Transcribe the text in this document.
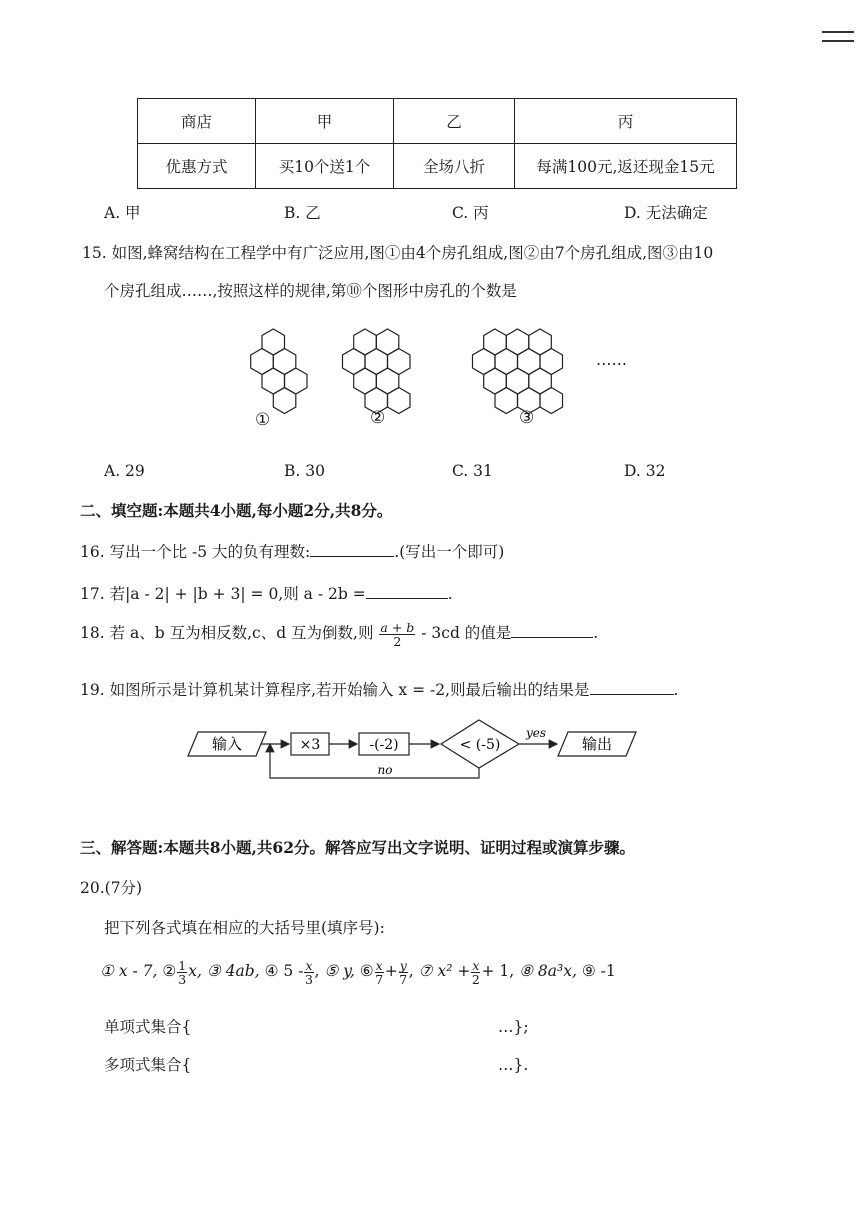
商店	甲	乙	丙
优惠方式	买10个送1个	全场八折	每满100元,返还现金15元
A. 甲	B. 乙	C. 丙	D. 无法确定
15. 如图,蜂窝结构在工程学中有广泛应用,图①由4个房孔组成,图②由7个房孔组成,图③由10
个房孔组成……,按照这样的规律,第⑩个图形中房孔的个数是
①	②	③
……
A. 29	B. 30	C. 31	D. 32
二、填空题:本题共4小题,每小题2分,共8分。
16. 写出一个比 -5 大的负有理数:	.(写出一个即可)
17. 若|a - 2| + |b + 3| = 0,则 a - 2b =	.
18. 若 a、b 互为相反数,c、d 互为倒数,则 $\frac{a + b}{2} - 3cd$ 的值是	.
19. 如图所示是计算机某计算程序,若开始输入 x = -2,则最后输出的结果是	.
输入	×3	-(-2)	< (-5)
yes
输出
no
三、解答题:本题共8小题,共62分。解答应写出文字说明、证明过程或演算步骤。
20.(7分)
把下列各式填在相应的大括号里(填序号):
① x - 7, ② $\frac{1}{3} x$, ③ 4ab, ④ $5 - \frac{x}{3}$ , ⑤ y, ⑥ $\frac{x}{7} + \frac{y}{7}$ , ⑦ $x^2 + \frac{x}{2} + 1$, ⑧ 8a³x, ⑨ -1
单项式集合{	…};
多项式集合{	…}.
